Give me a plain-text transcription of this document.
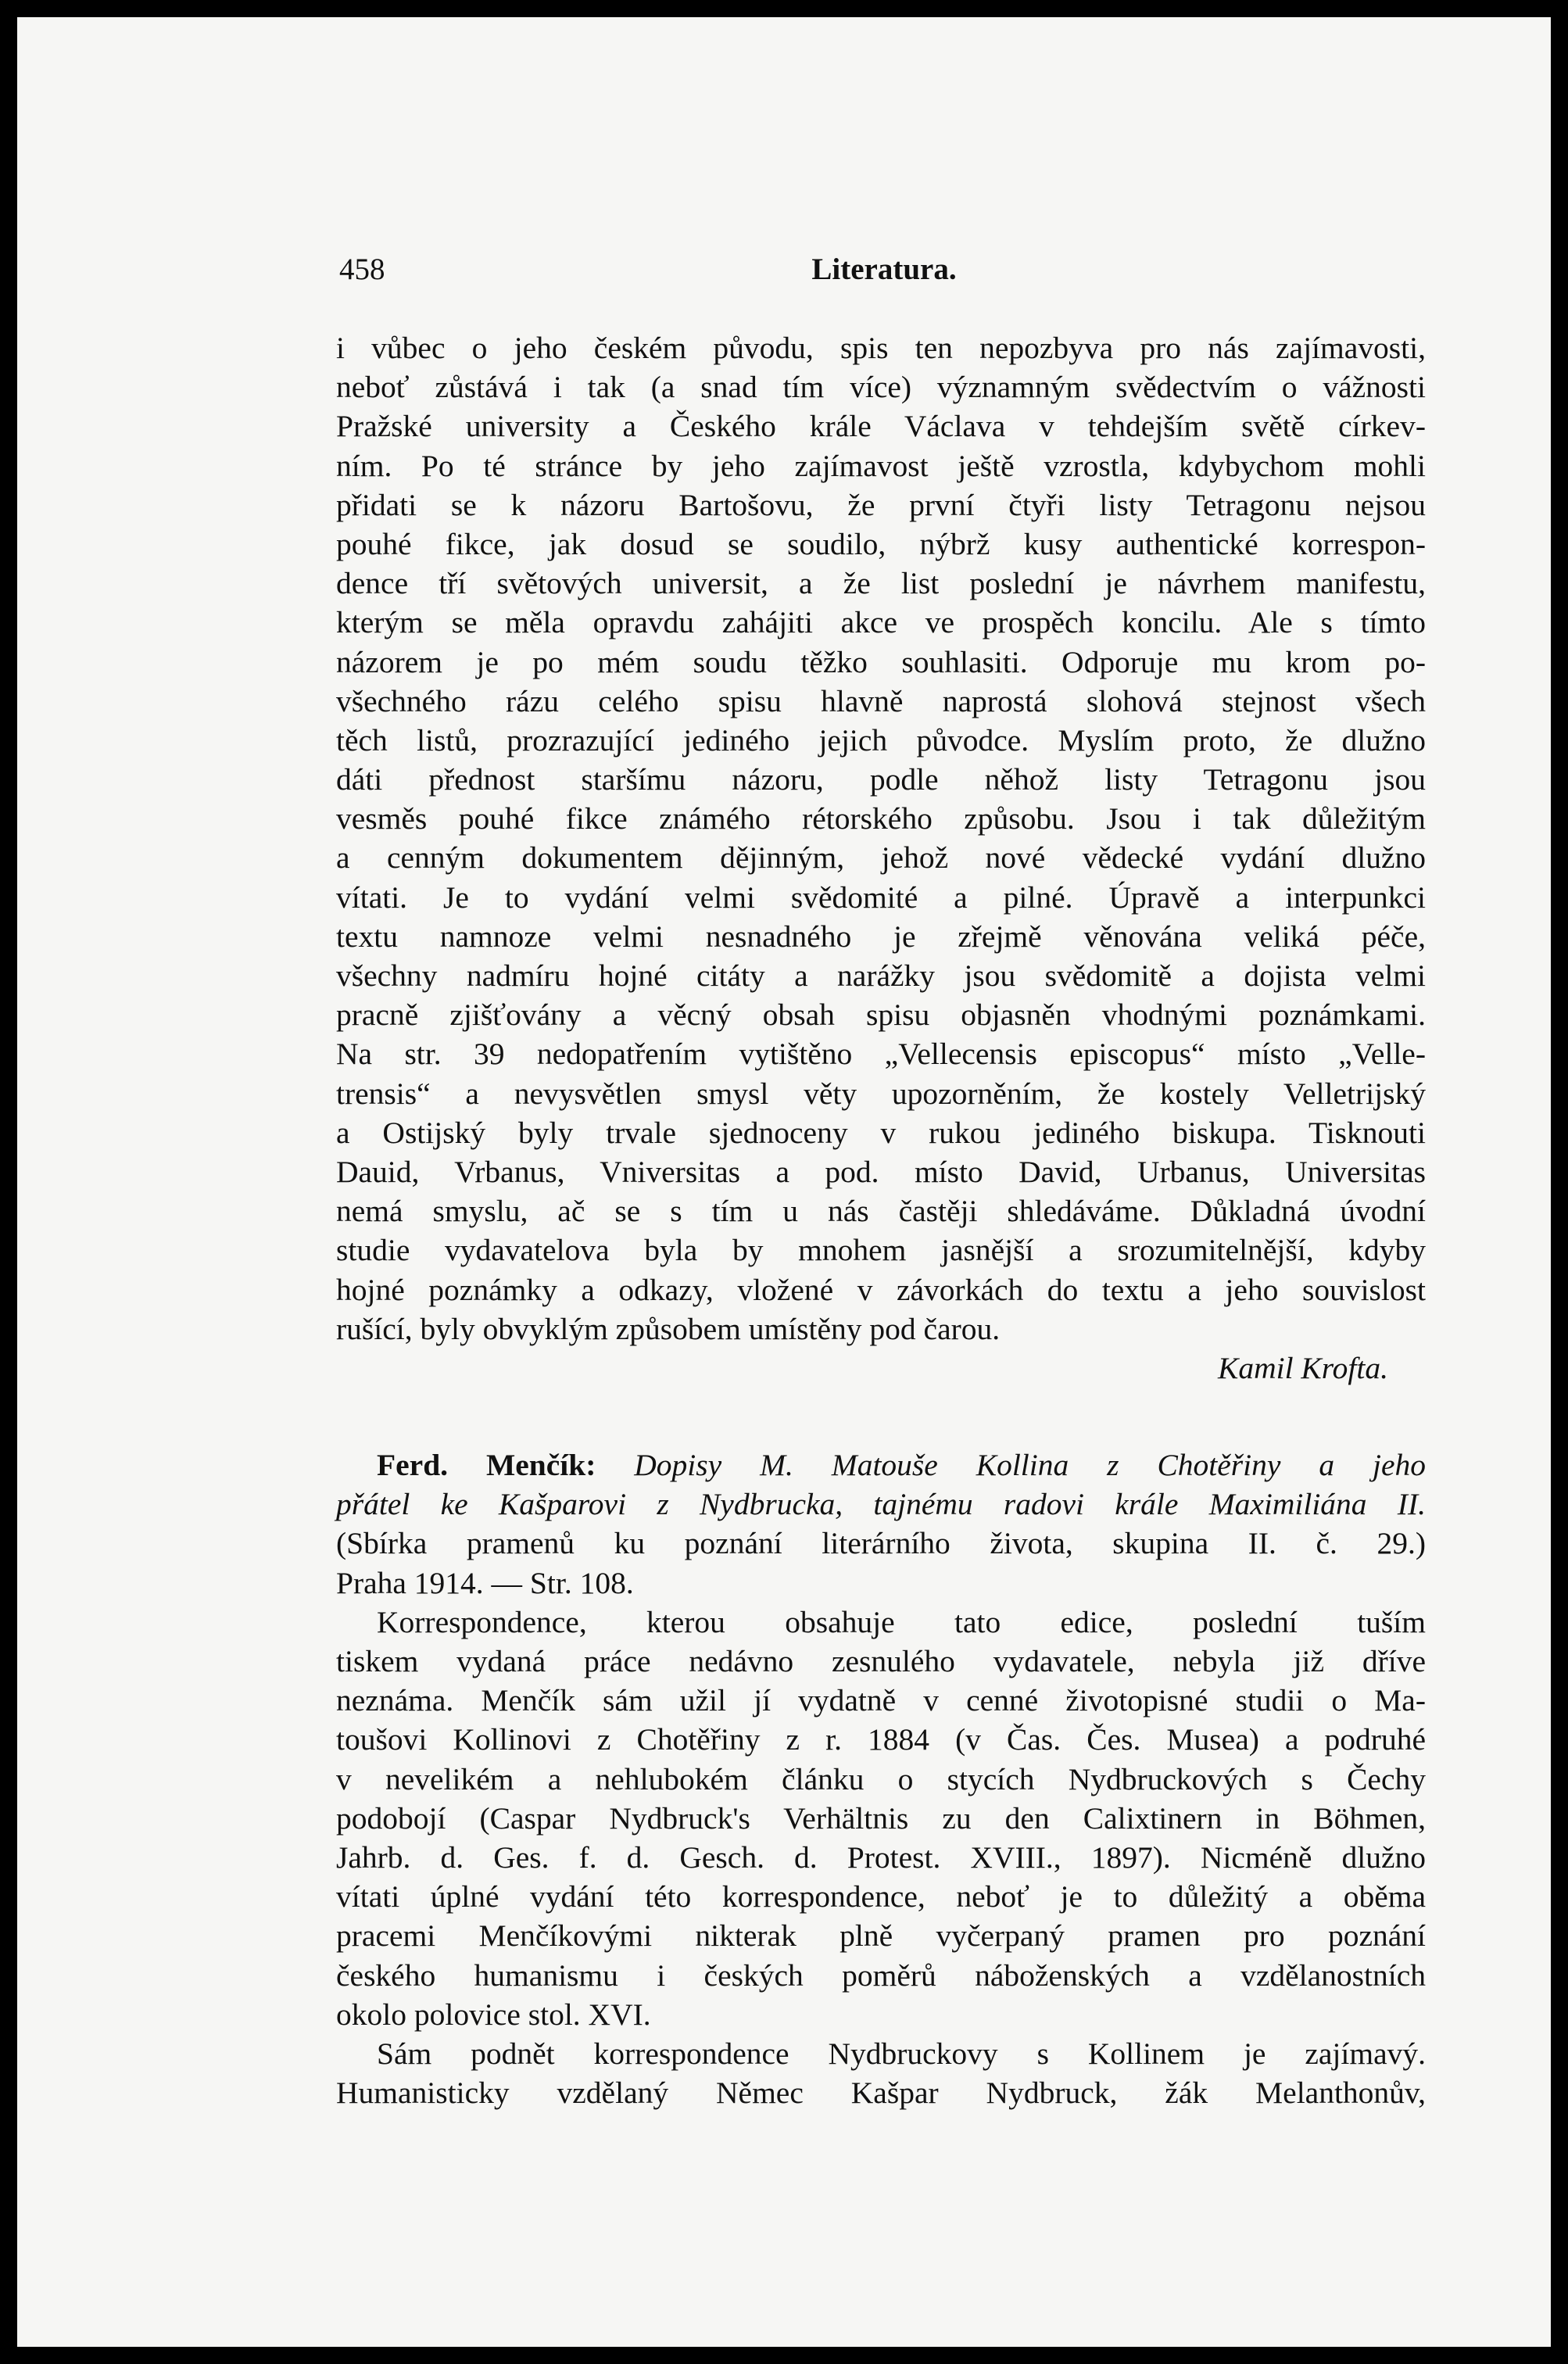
458	Literatura.
i vůbec o jeho českém původu, spis ten nepozbyva pro nás zajímavosti,
neboť zůstává i tak (a snad tím více) významným svědectvím o vážnosti
Pražské university a Českého krále Václava v tehdejším světě církev-
ním. Po té stránce by jeho zajímavost ještě vzrostla, kdybychom mohli
přidati se k názoru Bartošovu, že první čtyři listy Tetragonu nejsou
pouhé fikce, jak dosud se soudilo, nýbrž kusy authentické korrespon-
dence tří světových universit, a že list poslední je návrhem manifestu,
kterým se měla opravdu zahájiti akce ve prospěch koncilu. Ale s tímto
názorem je po mém soudu těžko souhlasiti. Odporuje mu krom po-
všechného rázu celého spisu hlavně naprostá slohová stejnost všech
těch listů, prozrazující jediného jejich původce. Myslím proto, že dlužno
dáti přednost staršímu názoru, podle něhož listy Tetragonu jsou
vesměs pouhé fikce známého rétorského způsobu. Jsou i tak důležitým
a cenným dokumentem dějinným, jehož nové vědecké vydání dlužno
vítati. Je to vydání velmi svědomité a pilné. Úpravě a interpunkci
textu namnoze velmi nesnadného je zřejmě věnována veliká péče,
všechny nadmíru hojné citáty a narážky jsou svědomitě a dojista velmi
pracně zjišťovány a věcný obsah spisu objasněn vhodnými poznámkami.
Na str. 39 nedopatřením vytištěno „Vellecensis episcopus“ místo „Velle-
trensis“ a nevysvětlen smysl věty upozorněním, že kostely Velletrijský
a Ostijský byly trvale sjednoceny v rukou jediného biskupa. Tisknouti
Dauid, Vrbanus, Vniversitas a pod. místo David, Urbanus, Universitas
nemá smyslu, ač se s tím u nás častěji shledáváme. Důkladná úvodní
studie vydavatelova byla by mnohem jasnější a srozumitelnější, kdyby
hojné poznámky a odkazy, vložené v závorkách do textu a jeho souvislost
rušící, byly obvyklým způsobem umístěny pod čarou.
Kamil Krofta.
Ferd. Menčík: Dopisy M. Matouše Kollina z Chotěřiny a jeho
přátel ke Kašparovi z Nydbrucka, tajnému radovi krále Maximiliána II.
(Sbírka pramenů ku poznání literárního života, skupina II. č. 29.)
Praha 1914. — Str. 108.
Korrespondence, kterou obsahuje tato edice, poslední tuším
tiskem vydaná práce nedávno zesnulého vydavatele, nebyla již dříve
neznáma. Menčík sám užil jí vydatně v cenné životopisné studii o Ma-
toušovi Kollinovi z Chotěřiny z r. 1884 (v Čas. Čes. Musea) a podruhé
v nevelikém a nehlubokém článku o stycích Nydbruckových s Čechy
podobojí (Caspar Nydbruck's Verhältnis zu den Calixtinern in Böhmen,
Jahrb. d. Ges. f. d. Gesch. d. Protest. XVIII., 1897). Nicméně dlužno
vítati úplné vydání této korrespondence, neboť je to důležitý a oběma
pracemi Menčíkovými nikterak plně vyčerpaný pramen pro poznání
českého humanismu i českých poměrů náboženských a vzdělanostních
okolo polovice stol. XVI.
Sám podnět korrespondence Nydbruckovy s Kollinem je zajímavý.
Humanisticky vzdělaný Němec Kašpar Nydbruck, žák Melanthonův,
